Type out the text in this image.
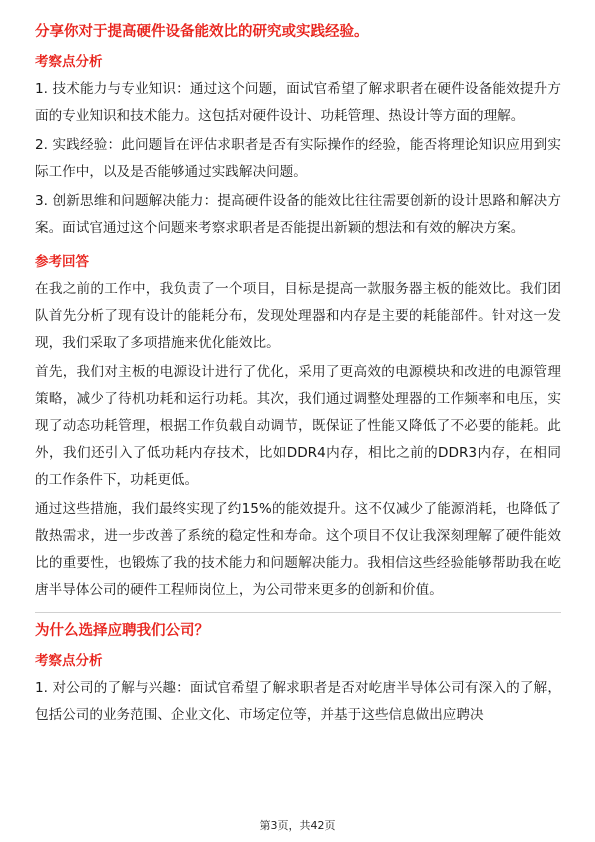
分享你对于提高硬件设备能效比的研究或实践经验。
考察点分析
1. 技术能力与专业知识：通过这个问题，面试官希望了解求职者在硬件设备能效提升方面的专业知识和技术能力。这包括对硬件设计、功耗管理、热设计等方面的理解。
2. 实践经验：此问题旨在评估求职者是否有实际操作的经验，能否将理论知识应用到实际工作中，以及是否能够通过实践解决问题。
3. 创新思维和问题解决能力：提高硬件设备的能效比往往需要创新的设计思路和解决方案。面试官通过这个问题来考察求职者是否能提出新颖的想法和有效的解决方案。
参考回答
在我之前的工作中，我负责了一个项目，目标是提高一款服务器主板的能效比。我们团队首先分析了现有设计的能耗分布，发现处理器和内存是主要的耗能部件。针对这一发现，我们采取了多项措施来优化能效比。
首先，我们对主板的电源设计进行了优化，采用了更高效的电源模块和改进的电源管理策略，减少了待机功耗和运行功耗。其次，我们通过调整处理器的工作频率和电压，实现了动态功耗管理，根据工作负载自动调节，既保证了性能又降低了不必要的能耗。此外，我们还引入了低功耗内存技术，比如DDR4内存，相比之前的DDR3内存，在相同的工作条件下，功耗更低。
通过这些措施，我们最终实现了约15%的能效提升。这不仅减少了能源消耗，也降低了散热需求，进一步改善了系统的稳定性和寿命。这个项目不仅让我深刻理解了硬件能效比的重要性，也锻炼了我的技术能力和问题解决能力。我相信这些经验能够帮助我在屹唐半导体公司的硬件工程师岗位上，为公司带来更多的创新和价值。
为什么选择应聘我们公司？
考察点分析
1. 对公司的了解与兴趣：面试官希望了解求职者是否对屹唐半导体公司有深入的了解，包括公司的业务范围、企业文化、市场定位等，并基于这些信息做出应聘决
第3页，共42页
